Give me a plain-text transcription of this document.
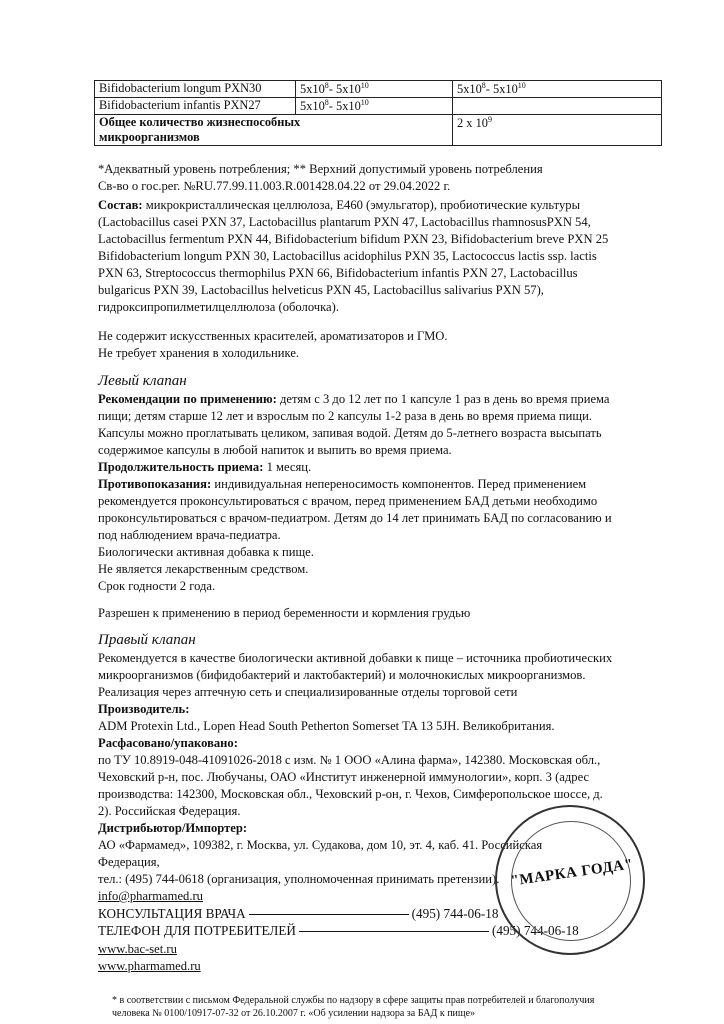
Bifidobacterium longum PXN30	$5x10^8-$ $5x10^{10}$	$5x10^8-$ $5x10^{10}$
Bifidobacterium infantis PXN27	$5x10^8-$ $5x10^{10}$	
Общее количество жизнеспособных
микроорганизмов		2 x $10^9$
*Адекватный уровень потребления; ** Верхний допустимый уровень потребления
Св-во о гос.рег. №RU.77.99.11.003.R.001428.04.22 от 29.04.2022 г.
Состав: микрокристаллическая целлюлоза, Е460 (эмульгатор), пробиотические культуры
(Lactobacillus casei PXN 37, Lactobacillus plantarum PXN 47, Lactobacillus rhamnosusPXN 54,
Lactobacillus fermentum PXN 44, Bifidobacterium bifidum PXN 23, Bifidobacterium breve PXN 25
Bifidobacterium longum PXN 30, Lactobacillus acidophilus PXN 35, Lactococcus lactis ssp. lactis
PXN 63, Streptococcus thermophilus PXN 66, Bifidobacterium infantis PXN 27, Lactobacillus
bulgaricus PXN 39, Lactobacillus helveticus PXN 45, Lactobacillus salivarius PXN 57),
гидроксипропилметилцеллюлоза (оболочка).
Не содержит искусственных красителей, ароматизаторов и ГМО.
Не требует хранения в холодильнике.
Левый клапан
Рекомендации по применению: детям с 3 до 12 лет по 1 капсуле 1 раз в день во время приема
пищи; детям старше 12 лет и взрослым по 2 капсулы 1-2 раза в день во время приема пищи.
Капсулы можно проглатывать целиком, запивая водой. Детям до 5-летнего возраста высыпать
содержимое капсулы в любой напиток и выпить во время приема.
Продолжительность приема: 1 месяц.
Противопоказания: индивидуальная непереносимость компонентов. Перед применением
рекомендуется проконсультироваться с врачом, перед применением БАД детьми необходимо
проконсультироваться с врачом-педиатром. Детям до 14 лет принимать БАД по согласованию и
под наблюдением врача-педиатра.
Биологически активная добавка к пище.
Не является лекарственным средством.
Срок годности 2 года.
Разрешен к применению в период беременности и кормления грудью
Правый клапан
Рекомендуется в качестве биологически активной добавки к пище – источника пробиотических
микроорганизмов (бифидобактерий и лактобактерий) и молочнокислых микроорганизмов.
Реализация через аптечную сеть и специализированные отделы торговой сети
Производитель:
ADM Protexin Ltd., Lopen Head South Petherton Somerset TA 13 5JH. Великобритания.
Расфасовано/упаковано:
по ТУ 10.8919-048-41091026-2018 с изм. № 1 ООО «Алина фарма», 142380. Московская обл.,
Чеховский р-н, пос. Любучаны, ОАО «Институт инженерной иммунологии», корп. 3 (адрес
производства: 142300, Московская обл., Чеховский р-он, г. Чехов, Симферопольское шоссе, д.
2). Российская Федерация.
Дистрибьютор/Импортер:
АО «Фармамед», 109382, г. Москва, ул. Судакова, дом 10, эт. 4, каб. 41. Российская
Федерация,
тел.: (495) 744-0618 (организация, уполномоченная принимать претензии).
info@pharmamed.ru
КОНСУЛЬТАЦИЯ ВРАЧА	(495) 744-06-18
ТЕЛЕФОН ДЛЯ ПОТРЕБИТЕЛЕЙ	(495) 744-06-18
www.bac-set.ru
www.pharmamed.ru
"МАРКА ГОДА"
* в соответствии с письмом Федеральной службы по надзору в сфере защиты прав потребителей и благополучия
человека № 0100/10917-07-32 от 26.10.2007 г. «Об усилении надзора за БАД к пище»
